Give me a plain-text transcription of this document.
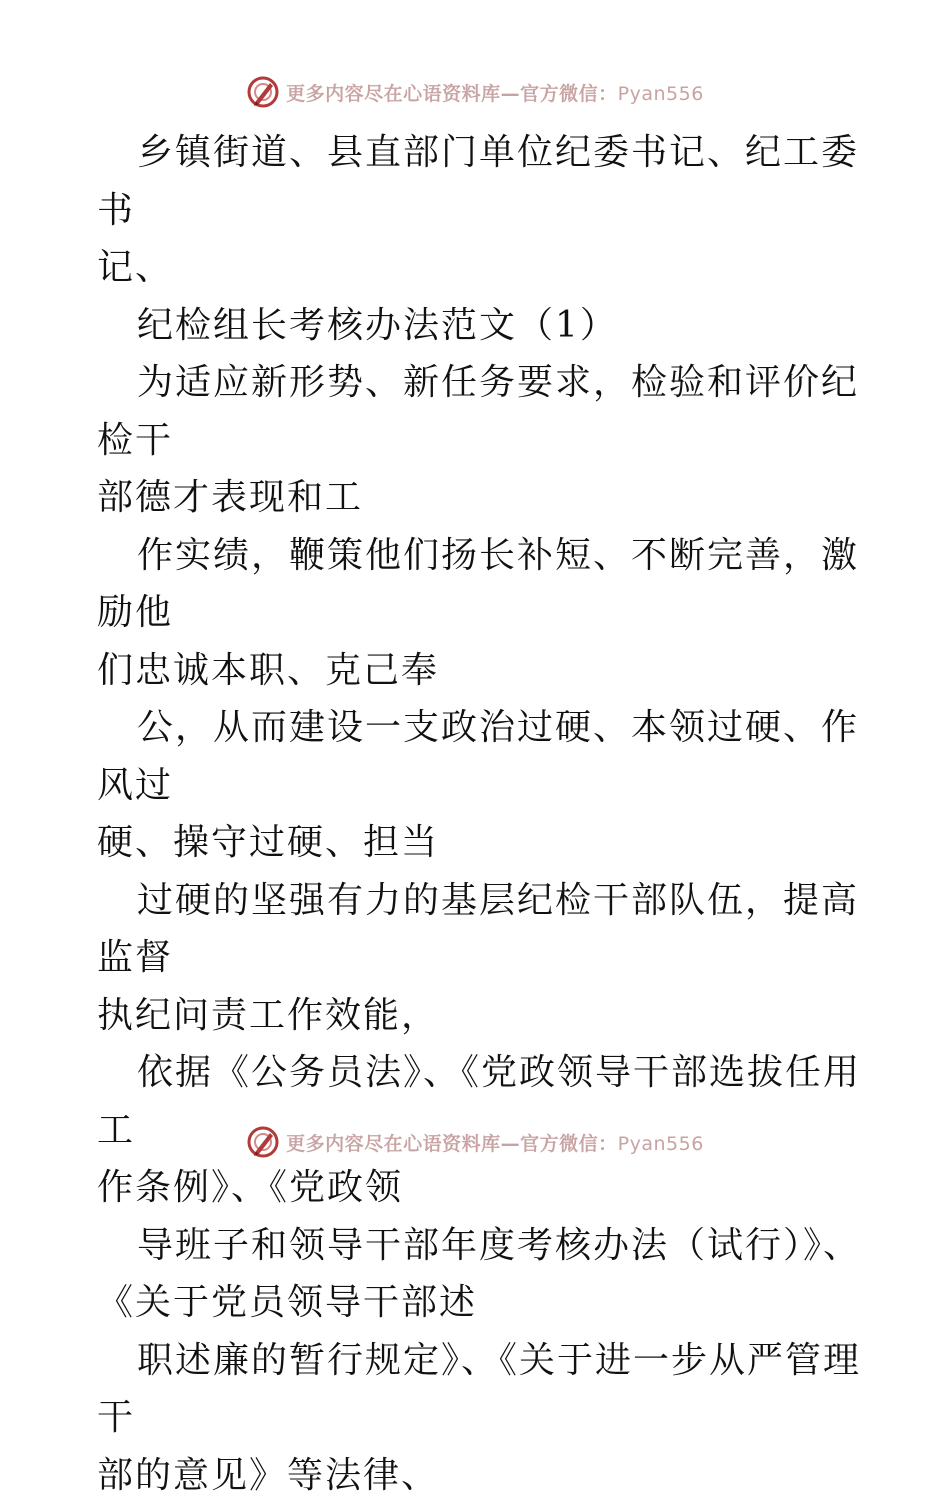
更多内容尽在心语资料库—官方微信：Pyan556

乡镇街道、县直部门单位纪委书记、纪工委书
记、

纪检组长考核办法范文（1）

为适应新形势、新任务要求，检验和评价纪检干
部德才表现和工

作实绩，鞭策他们扬长补短、不断完善，激励他
们忠诚本职、克己奉

公，从而建设一支政治过硬、本领过硬、作风过
硬、操守过硬、担当

过硬的坚强有力的基层纪检干部队伍，提高监督
执纪问责工作效能，

依据《公务员法》、《党政领导干部选拔任用工
作条例》、《党政领

导班子和领导干部年度考核办法（试行）》、
《关于党员领导干部述

职述廉的暂行规定》、《关于进一步从严管理干
部的意见》等法律、

更多内容尽在心语资料库—官方微信：Pyan556
